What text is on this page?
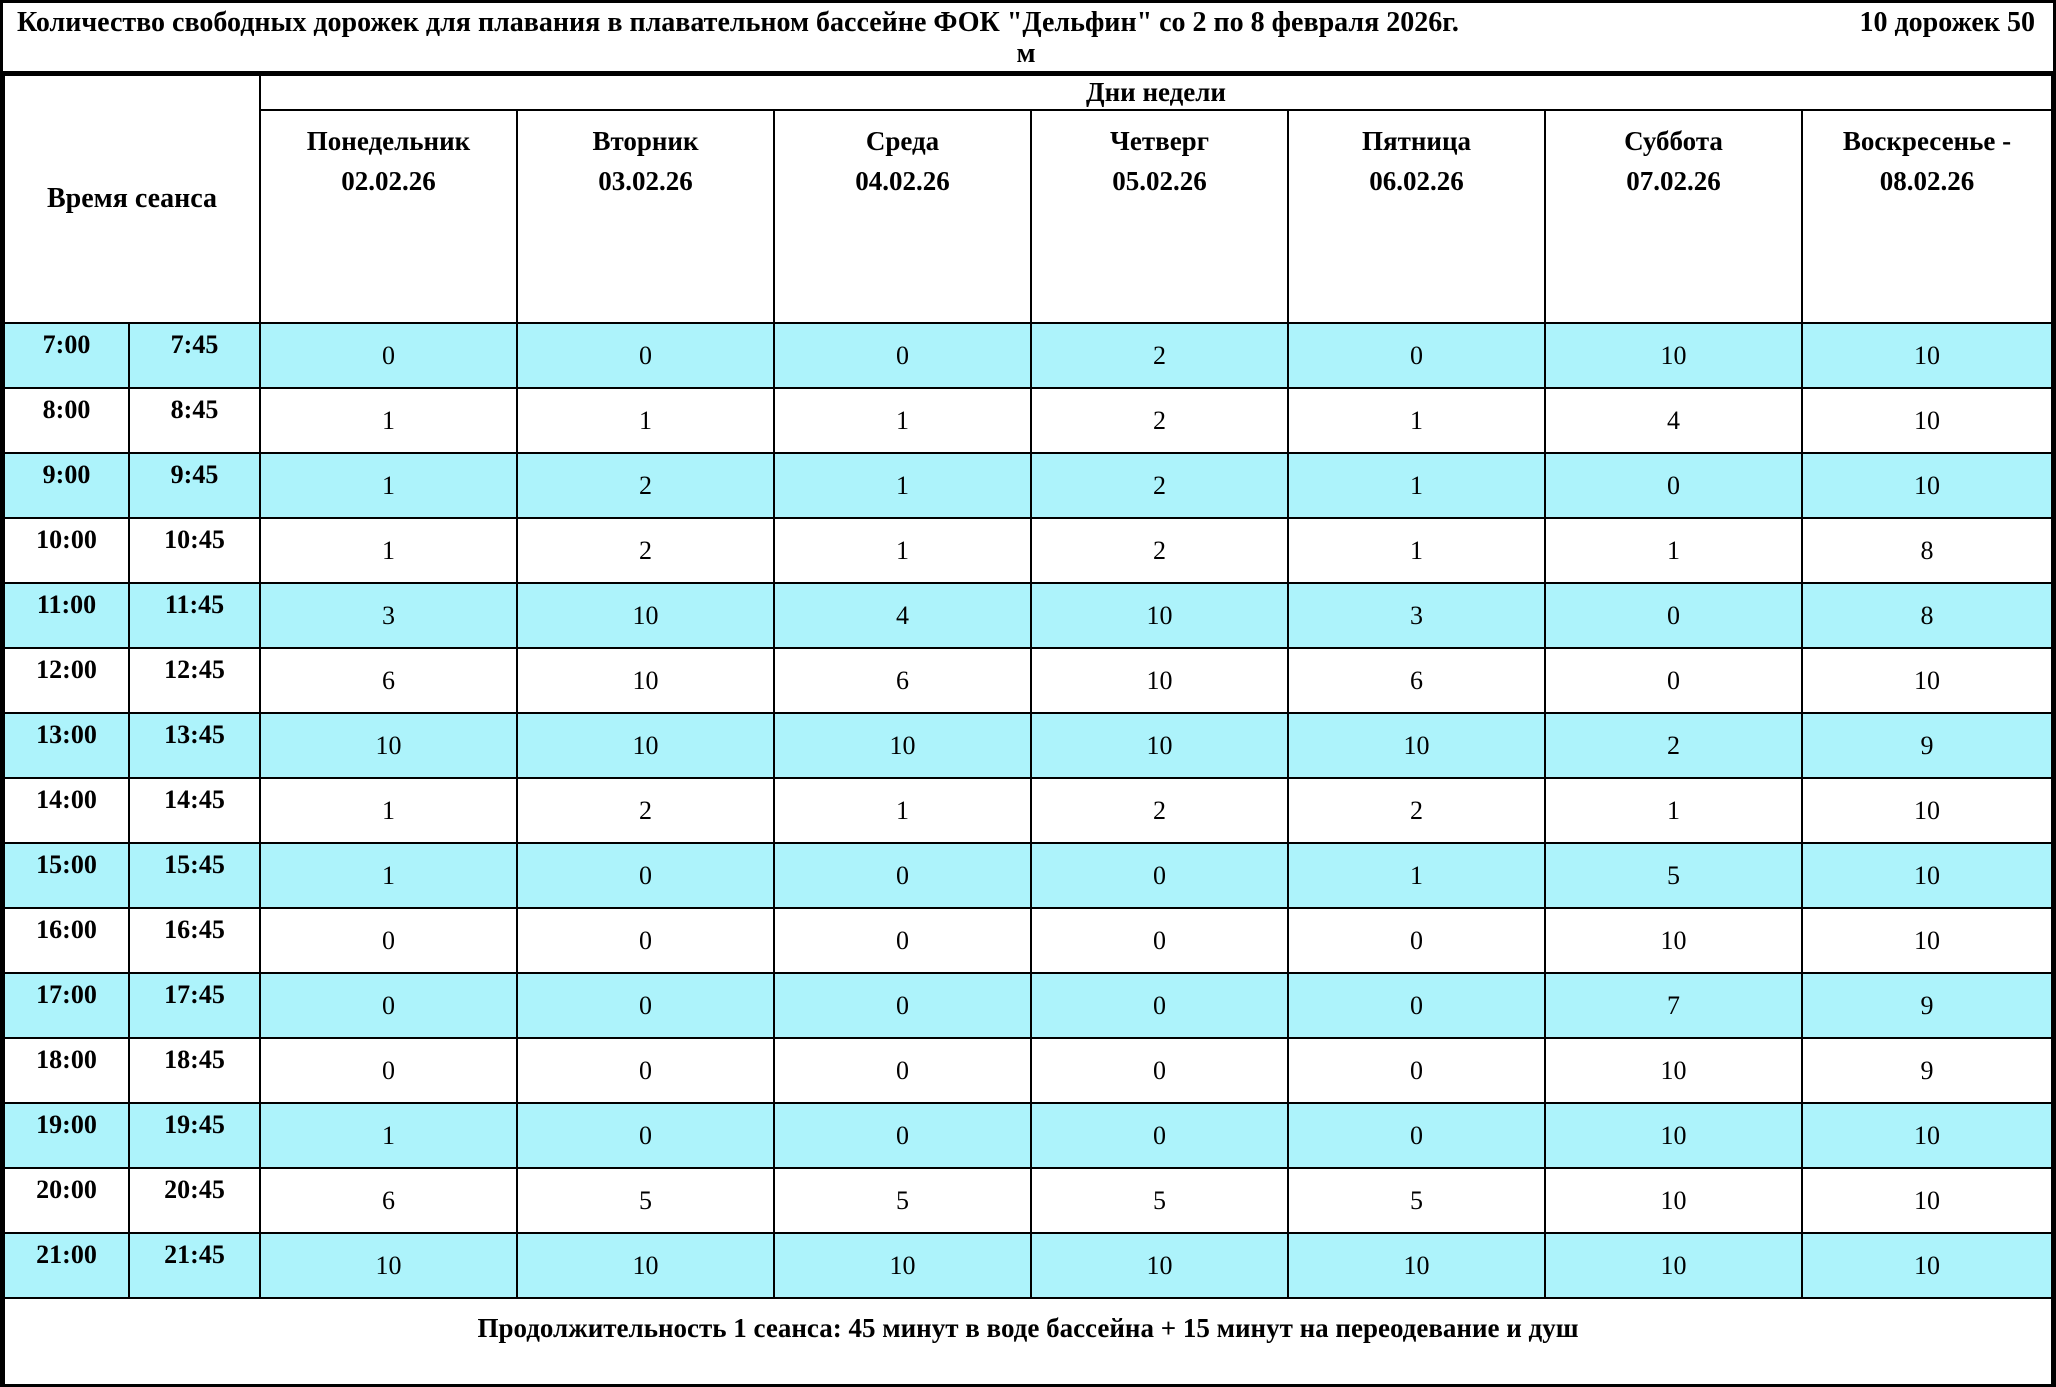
Количество свободных дорожек для плавания в плавательном бассейне ФОК "Дельфин" со 2 по 8 февраля 2026г.	10 дорожек 50
м
Время сеанса		Дни недели						

Понедельник
02.02.26

Вторник
03.02.26

Среда
04.02.26

Четверг
05.02.26

Пятница
06.02.26

Суббота
07.02.26

Воскресенье -
08.02.26

7:00	7:45	0	0	0	2	0	10	10
8:00	8:45	1	1	1	2	1	4	10
9:00	9:45	1	2	1	2	1	0	10
10:00	10:45	1	2	1	2	1	1	8
11:00	11:45	3	10	4	10	3	0	8
12:00	12:45	6	10	6	10	6	0	10
13:00	13:45	10	10	10	10	10	2	9
14:00	14:45	1	2	1	2	2	1	10
15:00	15:45	1	0	0	0	1	5	10
16:00	16:45	0	0	0	0	0	10	10
17:00	17:45	0	0	0	0	0	7	9
18:00	18:45	0	0	0	0	0	10	9
19:00	19:45	1	0	0	0	0	10	10
20:00	20:45	6	5	5	5	5	10	10
21:00	21:45	10	10	10	10	10	10	10
Продолжительность 1 сеанса: 45 минут в воде бассейна + 15 минут на переодевание и душ								
